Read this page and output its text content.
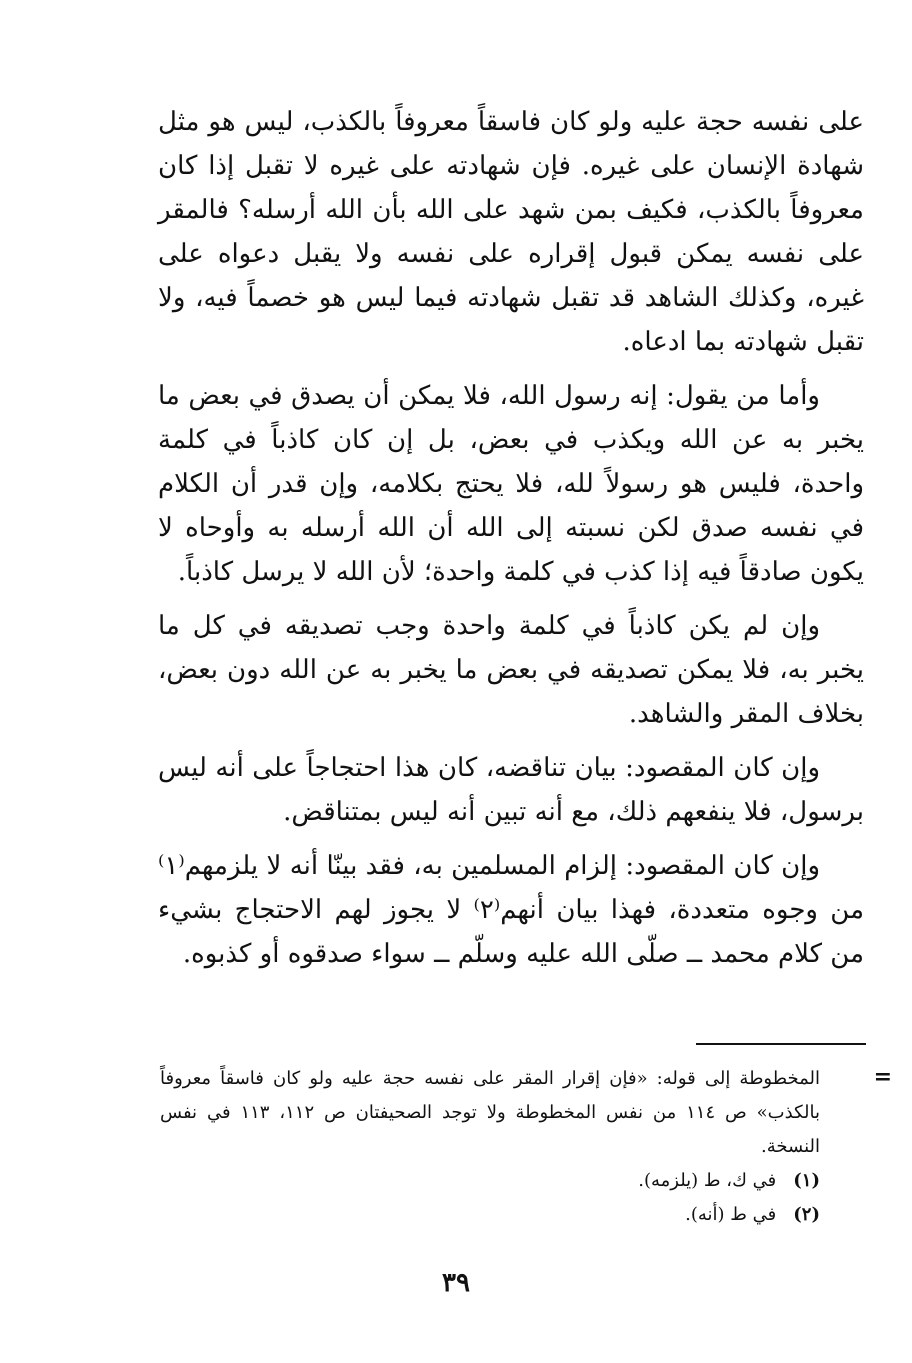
على نفسه حجة عليه ولو كان فاسقاً معروفاً بالكذب، ليس هو مثل شهادة الإنسان على غيره. فإن شهادته على غيره لا تقبل إذا كان معروفاً بالكذب، فكيف بمن شهد على الله بأن الله أرسله؟ فالمقر على نفسه يمكن قبول إقراره على نفسه ولا يقبل دعواه على غيره، وكذلك الشاهد قد تقبل شهادته فيما ليس هو خصماً فيه، ولا تقبل شهادته بما ادعاه.

وأما من يقول: إنه رسول الله، فلا يمكن أن يصدق في بعض ما يخبر به عن الله ويكذب في بعض، بل إن كان كاذباً في كلمة واحدة، فليس هو رسولاً لله، فلا يحتج بكلامه، وإن قدر أن الكلام في نفسه صدق لكن نسبته إلى الله أن الله أرسله به وأوحاه لا يكون صادقاً فيه إذا كذب في كلمة واحدة؛ لأن الله لا يرسل كاذباً.

وإن لم يكن كاذباً في كلمة واحدة وجب تصديقه في كل ما يخبر به، فلا يمكن تصديقه في بعض ما يخبر به عن الله دون بعض، بخلاف المقر والشاهد.

وإن كان المقصود: بيان تناقضه، كان هذا احتجاجاً على أنه ليس برسول، فلا ينفعهم ذلك، مع أنه تبين أنه ليس بمتناقض.

وإن كان المقصود: إلزام المسلمين به، فقد بينّا أنه لا يلزمهم⁽١⁾ من وجوه متعددة، فهذا بيان أنهم⁽٢⁾ لا يجوز لهم الاحتجاج بشيء من كلام محمد ــ صلّى الله عليه وسلّم ــ سواء صدقوه أو كذبوه.

=

المخطوطة إلى قوله: «فإن إقرار المقر على نفسه حجة عليه ولو كان فاسقاً معروفاً بالكذب» ص ١١٤ من نفس المخطوطة ولا توجد الصحيفتان ص ١١٢، ١١٣ في نفس النسخة.

(١) في ك، ط (يلزمه).

(٢) في ط (أنه).

٣٩
